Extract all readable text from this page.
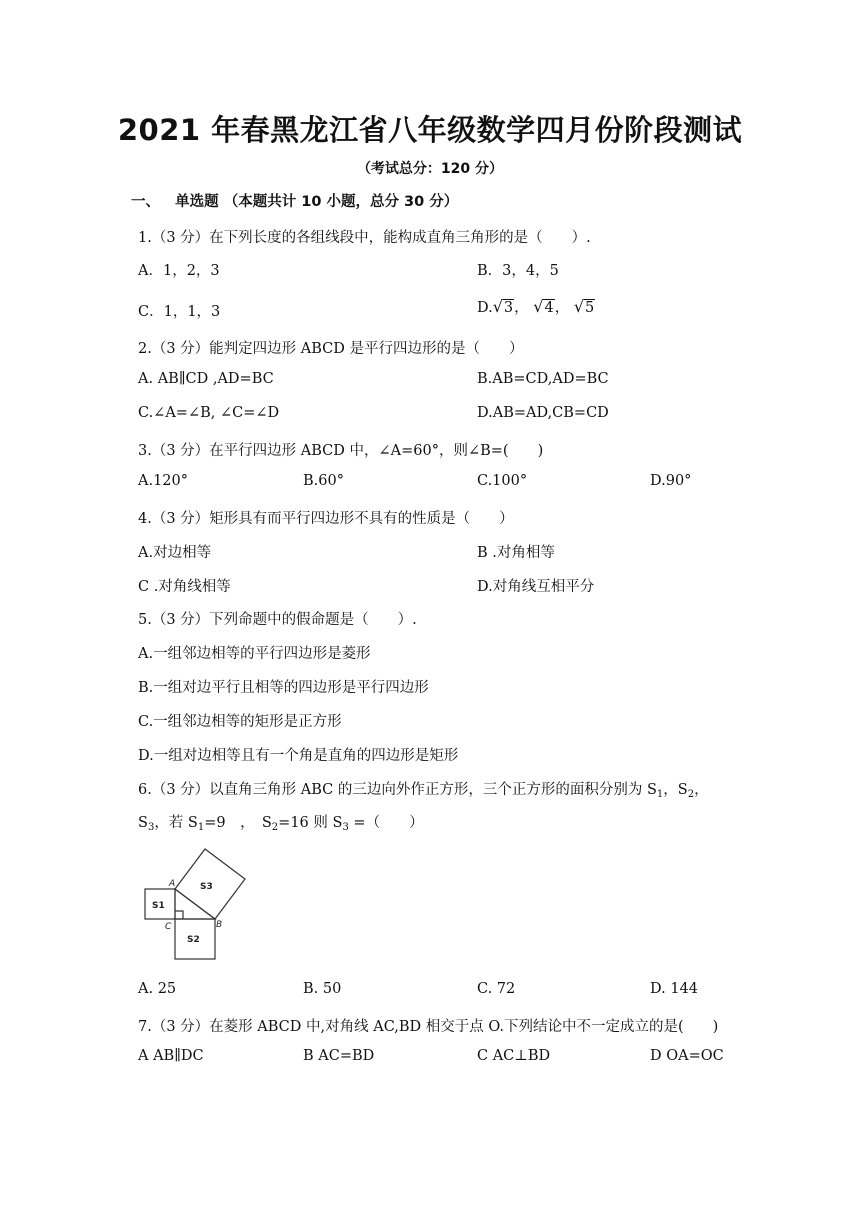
2021 年春黑龙江省八年级数学四月份阶段测试
（考试总分：120 分）
一、 单选题 （本题共计 10 小题，总分 30 分）
1.（3 分）在下列长度的各组线段中，能构成直角三角形的是（　　）.
A．1，2，3	B．3，4，5
C．1，1，3	D.√3， √4， √5
2.（3 分）能判定四边形 ABCD 是平行四边形的是（　　）
A. AB∥CD ,AD=BC	B.AB=CD,AD=BC
C.∠A=∠B, ∠C=∠D	D.AB=AD,CB=CD
3.（3 分）在平行四边形 ABCD 中，∠A=60°，则∠B=(　　)
A.120°	B.60°	C.100°	D.90°
4.（3 分）矩形具有而平行四边形不具有的性质是（　　）
A.对边相等	B .对角相等
C .对角线相等	D.对角线互相平分
5.（3 分）下列命题中的假命题是（　　）.
A.一组邻边相等的平行四边形是菱形
B.一组对边平行且相等的四边形是平行四边形
C.一组邻边相等的矩形是正方形
D.一组对边相等且有一个角是直角的四边形是矩形
6.（3 分）以直角三角形 ABC 的三边向外作正方形，三个正方形的面积分别为 $S_1$，$S_2$，
$S_3$，若 $S_1=9$　，　$S_2=16$ 则 $S_3$ =（　　）
A
B
C
S1
S2
S3
A. 25	B. 50	C. 72	D. 144
7.（3 分）在菱形 ABCD 中,对角线 AC,BD 相交于点 O.下列结论中不一定成立的是(　　)
A AB∥DC	B AC=BD	C AC⊥BD	D OA=OC
